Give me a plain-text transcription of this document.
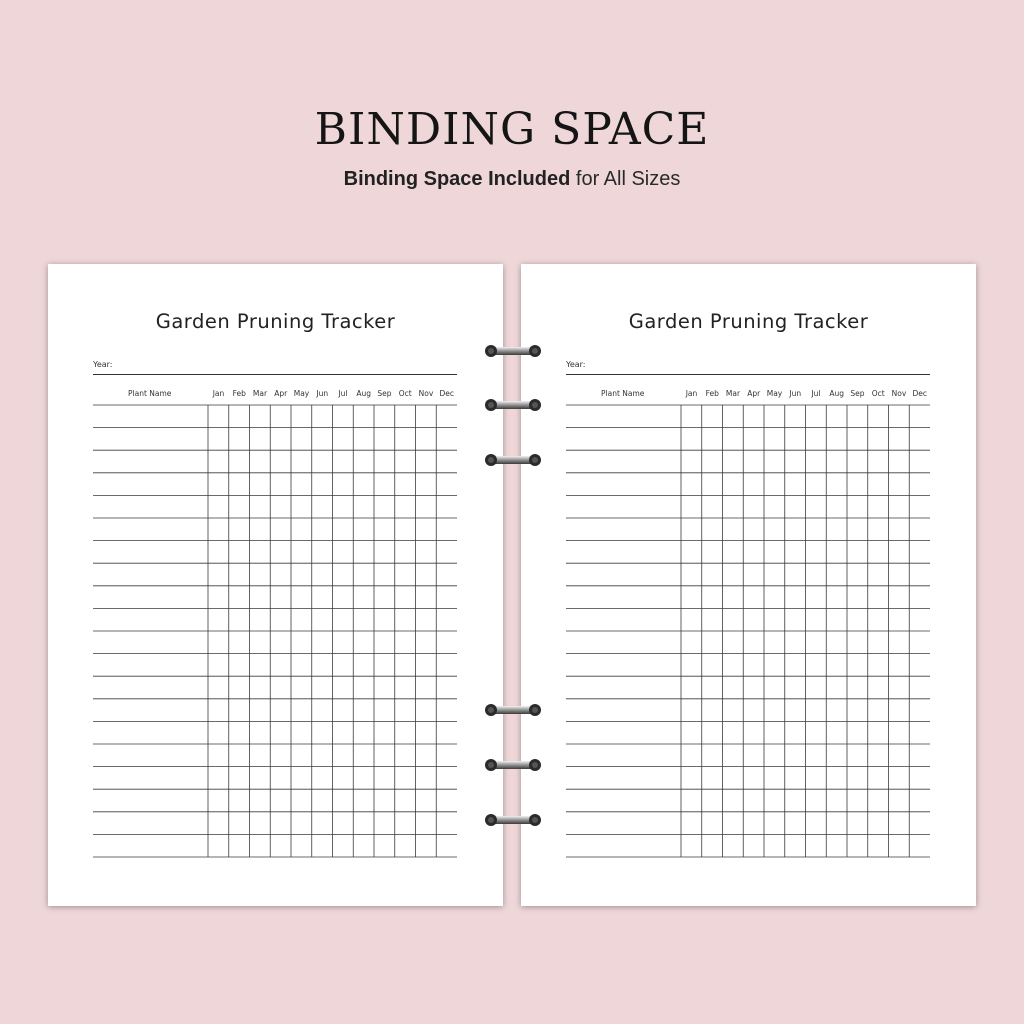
BINDING SPACE
Binding Space Included for All Sizes
Garden Pruning Tracker
Year:
Plant Name	Jan	Feb Mar Apr May Jun	Jul	Aug Sep Oct Nov Dec
Garden Pruning Tracker
Year:
Plant Name	Jan	Feb Mar Apr May Jun	Jul	Aug Sep Oct Nov Dec
